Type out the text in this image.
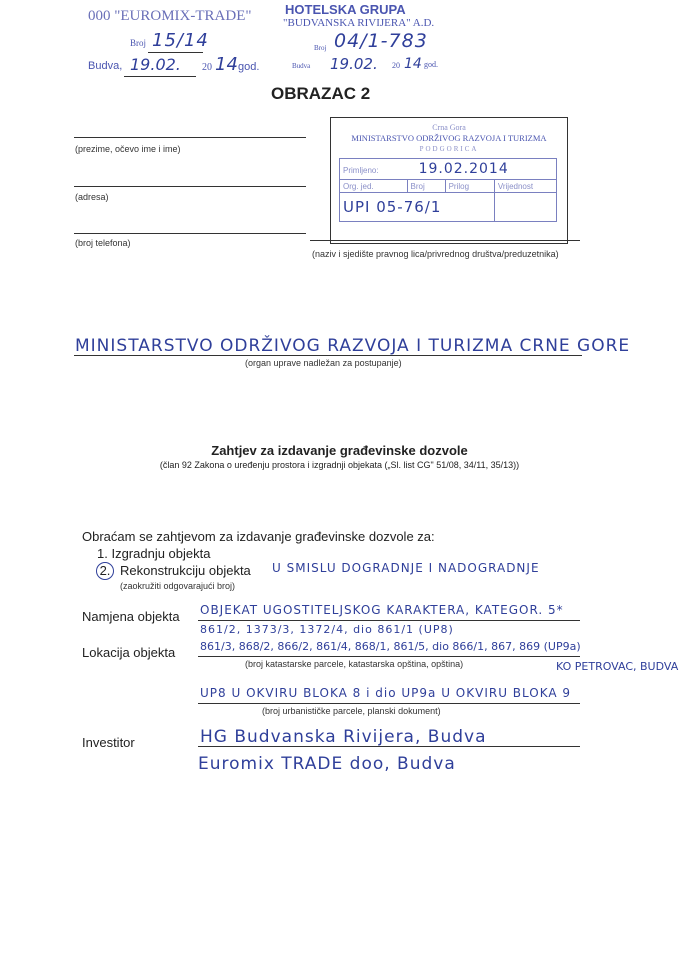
000 "EUROMIX-TRADE"
Broj 15/14
Budva, 19.02. 20 14 god.
HOTELSKA GRUPA
"BUDVANSKA RIVIJERA" A.D.
Broj 04/1-783
Budva 19.02. 20 14 god.
OBRAZAC 2
(prezime, očevo ime i ime)
(adresa)
(broj telefona)
Crna Gora
MINISTARSTVO ODRŽIVOG RAZVOJA I TURIZMA
PODGORICA
Primljeno: 19.02.2014			
Org. jed.	Broj	Prilog	Vrijednost
UPI 05-76/1			
(naziv i sjedište pravnog lica/privrednog društva/preduzetnika)
MINISTARSTVO ODRŽIVOG RAZVOJA I TURIZMA CRNE GORE
(organ uprave nadležan za postupanje)
Zahtjev za izdavanje građevinske dozvole
(član 92 Zakona o uređenju prostora i izgradnji objekata („Sl. list CG" 51/08, 34/11, 35/13))
Obraćam se zahtjevom za izdavanje građevinske dozvole za:
1. Izgradnju objekta
2. Rekonstrukciju objekta U SMISLU DOGRADNJE I NADOGRADNJE
(zaokružiti odgovarajući broj)
Namjena objekta OBJEKAT UGOSTITELJSKOG KARAKTERA, KATEGOR. 5*
861/2, 1373/3, 1372/4, dio 861/1 (UP8)
Lokacija objekta 861/3, 868/2, 866/2, 861/4, 868/1, 861/5, dio 866/1, 867, 869 (UP9a)
(broj katastarske parcele, katastarska opština, opština)	KO PETROVAC, BUDVA
UP8 U OKVIRU BLOKA 8 i dio UP9a U OKVIRU BLOKA 9
(broj urbanističke parcele, planski dokument)
Investitor	HG Budvanska Rivijera, Budva
Euromix TRADE doo, Budva
